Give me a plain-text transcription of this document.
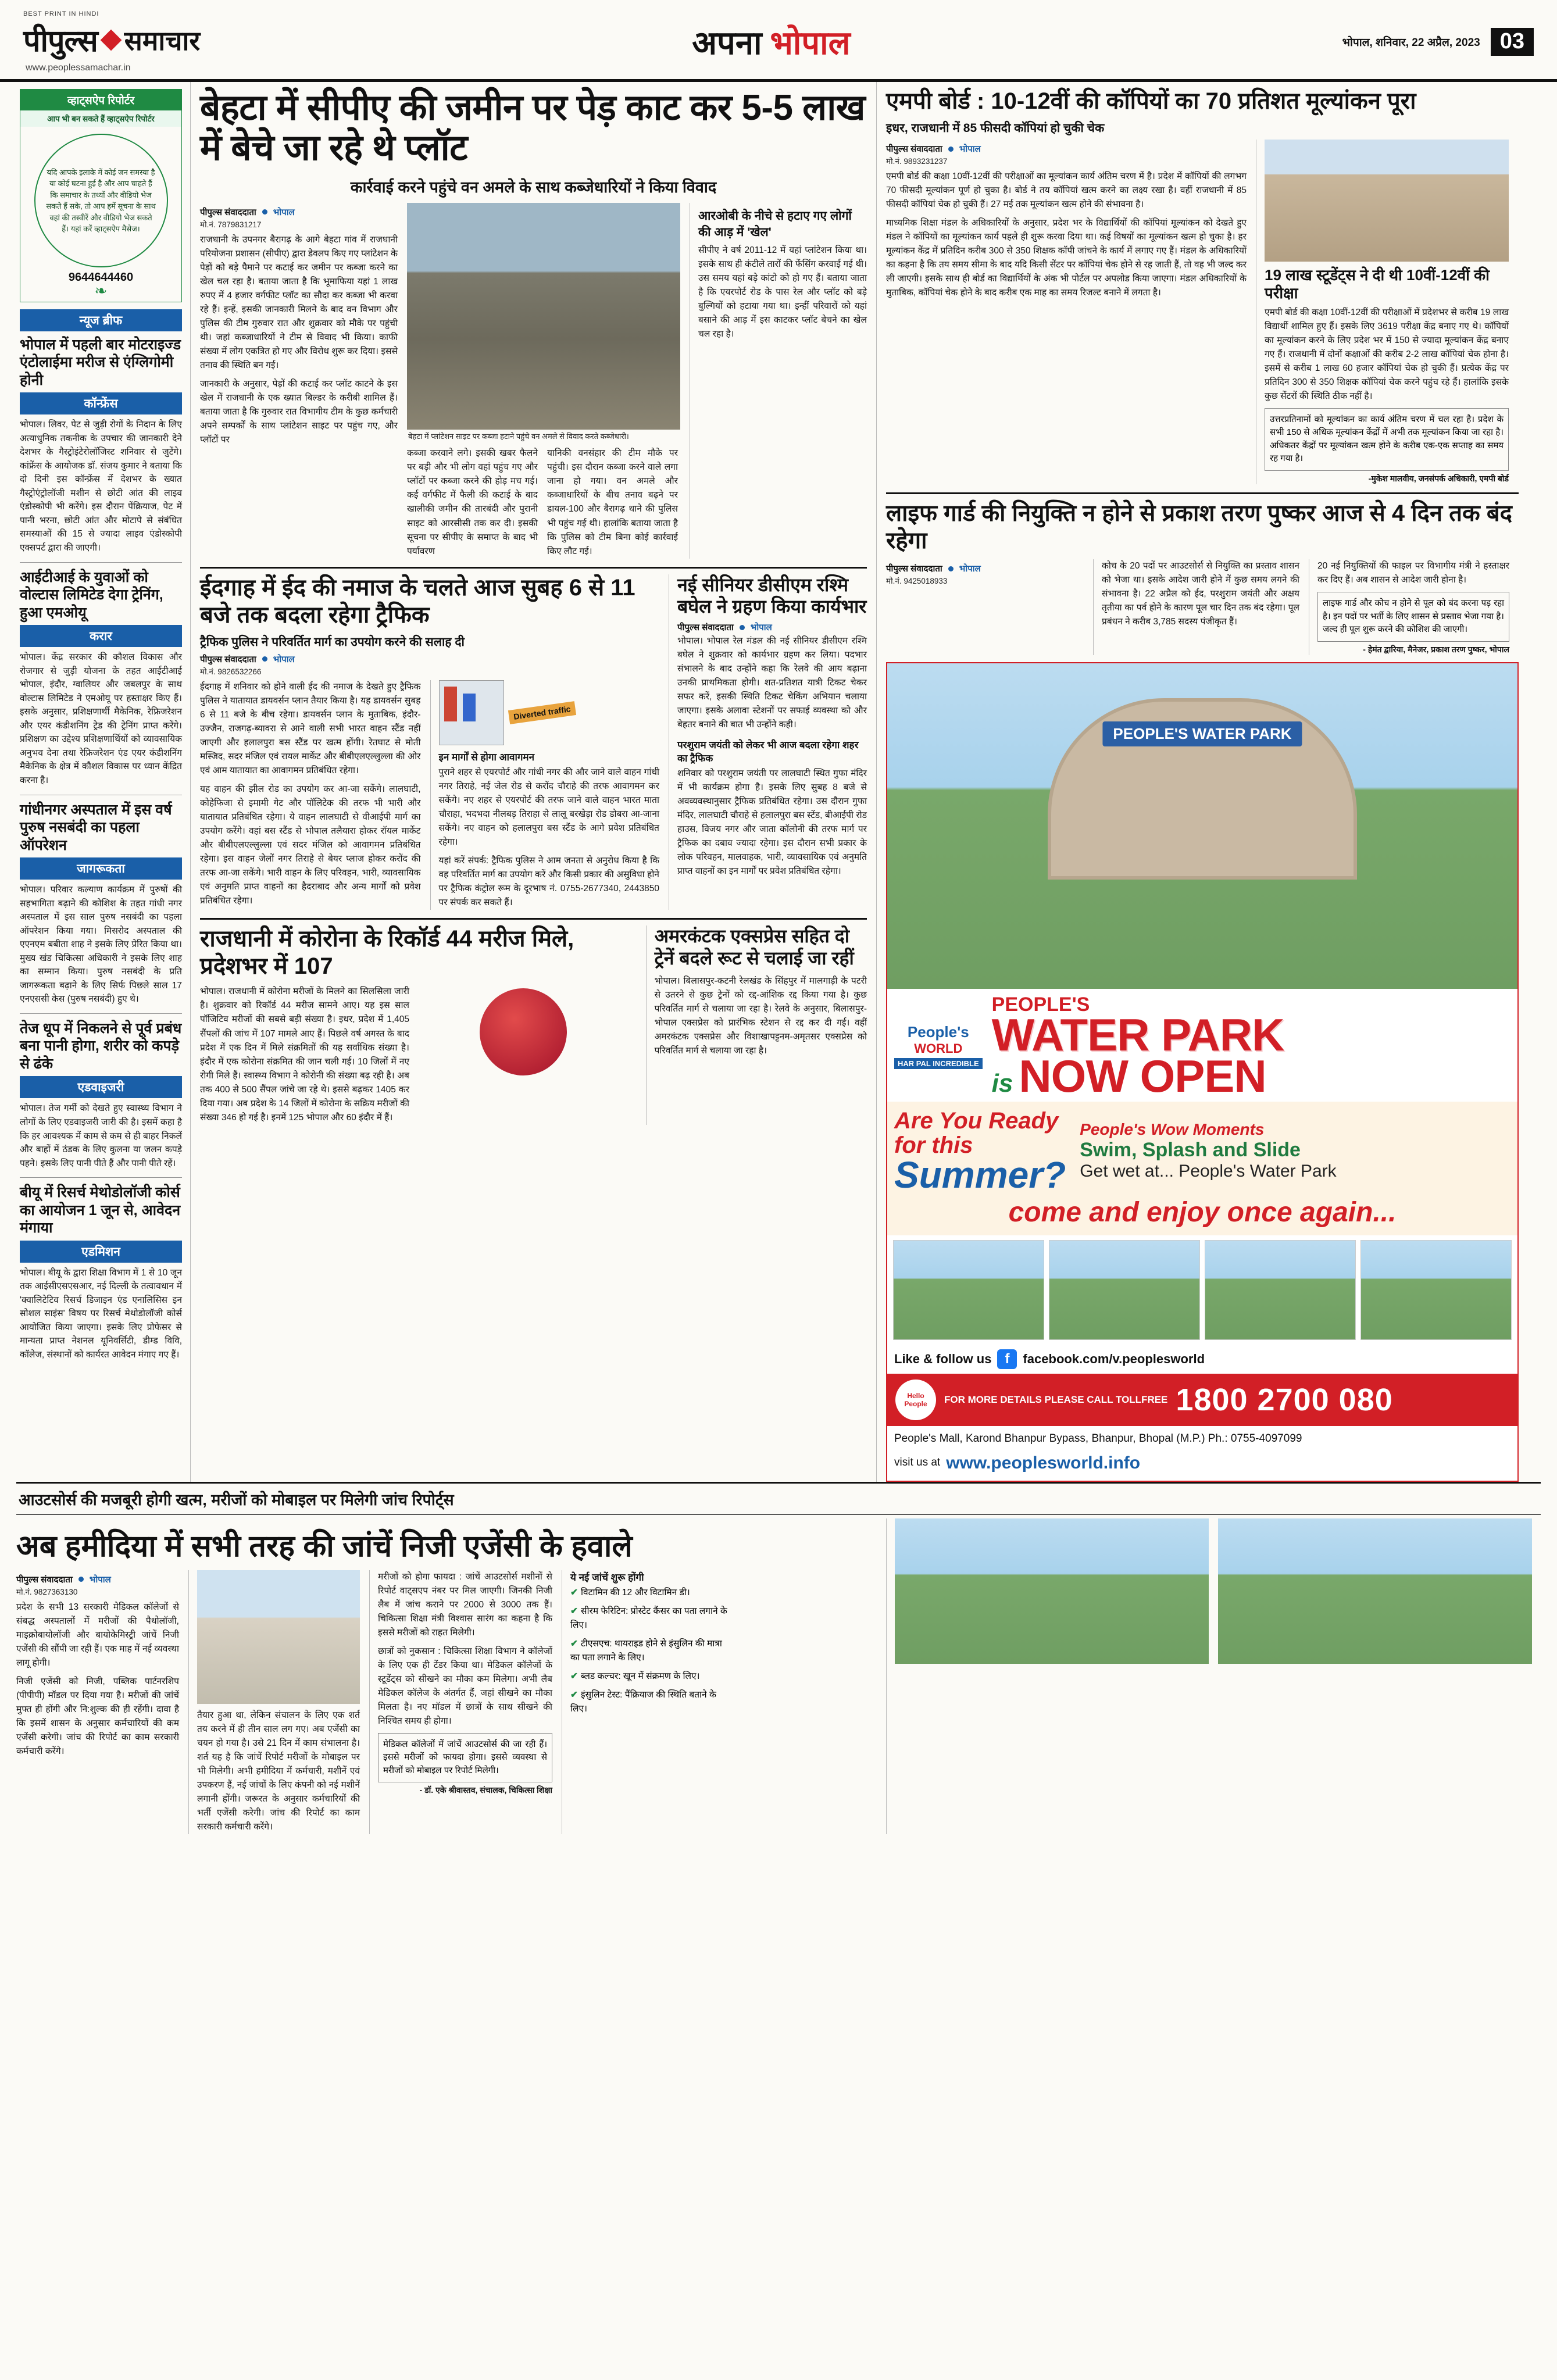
BEST PRINT IN HINDI
पीपुल्स समाचार
www.peoplessamachar.in
अपना भोपाल	भोपाल, शनिवार, 22 अप्रैल, 2023 03
व्हाट्सऐप रिपोर्टर
आप भी बन सकते हैं व्हाट्सऐप रिपोर्टर
यदि आपके इलाके में कोई जन समस्या है या कोई घटना हुई है और आप चाहते हैं कि समाचार के तथ्यों और वीडियो भेज सकते हैं सके, तो आप हमें सूचना के साथ वहां की तस्वीरें और वीडियो भेज सकते हैं। यहां करें व्हाट्सऐप मैसेज।
9644644460
❧
न्यूज ब्रीफ
भोपाल में पहली बार मोटराइज्ड एंटोलाईमा मरीज से एंग्लिगोमी होनी
कॉन्फ्रेंस
भोपाल। लिवर, पेट से जुड़ी रोगों के निदान के लिए अत्याधुनिक तकनीक के उपचार की जानकारी देने देशभर के गैस्ट्रोइंटेरोलॉजिस्ट शनिवार से जुटेंगे। कांफ्रेंस के आयोजक डॉ. संजय कुमार ने बताया कि दो दिनी इस कॉन्फ्रेंस में देशभर के ख्यात गैस्ट्रोएंट्रोलॉजी मशीन से छोटी आंत की लाइव एंडोस्कोपी भी करेंगे। इस दौरान पेंक्रियाज, पेट में पानी भरना, छोटी आंत और मोटापे से संबंधित समस्याओं की 15 से ज्यादा लाइव एंडोस्कोपी एक्सपर्ट द्वारा की जाएगी।
आईटीआई के युवाओं को वोल्टास लिमिटेड देगा ट्रेनिंग, हुआ एमओयू
करार
भोपाल। केंद्र सरकार की कौशल विकास और रोजगार से जुड़ी योजना के तहत आईटीआई भोपाल, इंदौर, ग्वालियर और जबलपुर के साथ वोल्टास लिमिटेड ने एमओयू पर हस्ताक्षर किए हैं। इसके अनुसार, प्रशिक्षणार्थी मैकेनिक, रेफ्रिजरेशन और एयर कंडीशनिंग ट्रेड की ट्रेनिंग प्राप्त करेंगे। प्रशिक्षण का उद्देश्य प्रशिक्षणार्थियों को व्यावसायिक अनुभव देना तथा रेफ्रिजरेशन एंड एयर कंडीशनिंग मैकेनिक के क्षेत्र में कौशल विकास पर ध्यान केंद्रित करना है।
गांधीनगर अस्पताल में इस वर्ष पुरुष नसबंदी का पहला ऑपरेशन
जागरूकता
भोपाल। परिवार कल्याण कार्यक्रम में पुरुषों की सहभागिता बढ़ाने की कोशिश के तहत गांधी नगर अस्पताल में इस साल पुरुष नसबंदी का पहला ऑपरेशन किया गया। मिसरोद अस्पताल की एएनएम बबीता शाह ने इसके लिए प्रेरित किया था। मुख्य खंड चिकित्सा अधिकारी ने इसके लिए शाह का सम्मान किया। पुरुष नसबंदी के प्रति जागरूकता बढ़ाने के लिए सिर्फ पिछले साल 17 एनएससी केस (पुरुष नसबंदी) हुए थे।
तेज धूप में निकलने से पूर्व प्रबंध बना पानी होगा, शरीर को कपड़े से ढंके
एडवाइजरी
भोपाल। तेज गर्मी को देखते हुए स्वास्थ्य विभाग ने लोगों के लिए एडवाइजरी जारी की है। इसमें कहा है कि हर आवश्यक में काम से कम से ही बाहर निकलें और बाहों में ठंडक के लिए कुलना या जलन कपड़े पहने। इसके लिए पानी पीते हैं और पानी पीते रहें।
बीयू में रिसर्च मेथोडोलॉजी कोर्स का आयोजन 1 जून से, आवेदन मंगाया
एडमिशन
भोपाल। बीयू के द्वारा शिक्षा विभाग में 1 से 10 जून तक आईसीएसएसआर, नई दिल्ली के तत्वावधान में 'क्वालिटेटिव रिसर्च डिजाइन एंड एनालिसिस इन सोशल साइंस' विषय पर रिसर्च मेथोडोलॉजी कोर्स आयोजित किया जाएगा। इसके लिए प्रोफेसर से मान्यता प्राप्त नेशनल यूनिवर्सिटी, डीम्ड विवि, कॉलेज, संस्थानों को कार्यरत आवेदन मंगाए गए हैं।
बेहटा में सीपीए की जमीन पर पेड़ काट कर 5-5 लाख में बेचे जा रहे थे प्लॉट
कार्रवाई करने पहुंचे वन अमले के साथ कब्जेधारियों ने किया विवाद
पीपुल्स संवाददाता भोपाल
मो.नं. 7879831217
राजधानी के उपनगर बैरागढ़ के आगे बेहटा गांव में राजधानी परियोजना प्रशासन (सीपीए) द्वारा डेवलप किए गए प्लांटेशन के पेड़ों को बड़े पैमाने पर कटाई कर जमीन पर कब्जा करने का खेल चल रहा है। बताया जाता है कि भूमाफिया यहां 1 लाख रुपए में 4 हजार वर्गफीट प्लॉट का सौदा कर कब्जा भी करवा रहे हैं। इन्हें, इसकी जानकारी मिलने के बाद वन विभाग और पुलिस की टीम गुरुवार रात और शुक्रवार को मौके पर पहुंची थी। जहां कब्जाधारियों ने टीम से विवाद भी किया। काफी संख्या में लोग एकत्रित हो गए और विरोध शुरू कर दिया। इससे तनाव की स्थिति बन गई।
जानकारी के अनुसार, पेड़ों की कटाई कर प्लॉट काटने के इस खेल में राजधानी के एक ख्यात बिल्डर के करीबी शामिल हैं। बताया जाता है कि गुरुवार रात विभागीय टीम के कुछ कर्मचारी अपने सम्पर्कों के साथ प्लांटेशन साइट पर पहुंच गए, और प्लॉटों पर	बेहटा में प्लांटेशन साइट पर कब्जा हटाने पहुंचे वन अमले से विवाद करते कब्जेधारी।
कब्जा करवाने लगे। इसकी खबर फैलने पर बड़ी और भी लोग वहां पहुंच गए और प्लॉटों पर कब्जा करने की होड़ मच गई। कई वर्गफीट में फैली की कटाई के बाद खालीकी जमीन की तारबंदी और पुरानी साइट को आरसीसी तक कर दी। इसकी सूचना पर सीपीए के समाप्त के बाद भी पर्यावरण
यानिकी वनसंहार की टीम मौके पर पहुंची। इस दौरान कब्जा करने वाले लगा जाना हो गया। वन अमले और कब्जाधारियों के बीच तनाव बढ़ने पर डायल-100 और बैरागढ़ थाने की पुलिस भी पहुंच गई थी। हालांकि बताया जाता है कि पुलिस को टीम बिना कोई कार्रवाई किए लौट गई।
आरओबी के नीचे से हटाए गए लोगों की आड़ में 'खेल'
सीपीए ने वर्ष 2011-12 में यहां प्लांटेशन किया था। इसके साथ ही कंटीले तारों की फेंसिंग करवाई गई थी। उस समय यहां बड़े कांटो को हो गए हैं। बताया जाता है कि एयरपोर्ट रोड के पास रेल और प्लॉट को बड़े बुल्गियों को हटाया गया था। इन्हीं परिवारों को यहां बसाने की आड़ में इस काटकर प्लॉट बेचने का खेल चल रहा है।
ईदगाह में ईद की नमाज के चलते आज सुबह 6 से 11 बजे तक बदला रहेगा ट्रैफिक
ट्रैफिक पुलिस ने परिवर्तित मार्ग का उपयोग करने की सलाह दी
पीपुल्स संवाददाता भोपाल
मो.नं. 9826532266
ईदगाह में शनिवार को होने वाली ईद की नमाज के देखते हुए ट्रैफिक पुलिस ने यातायात डायवर्सन प्लान तैयार किया है। यह डायवर्सन सुबह 6 से 11 बजे के बीच रहेगा। डायवर्सन प्लान के मुताबिक, इंदौर-उज्जैन, राजगढ़-ब्यावरा से आने वाली सभी भारत वाहन स्टैंड नहीं जाएगी और हलालपुरा बस स्टैंड पर खत्म होंगी। रेतघाट से मोती मस्जिद, सदर मंजिल एवं रायल मार्केट और बीबीएलएल्लुल्ला की ओर एवं आम यातायात का आवागमन प्रतिबंधित रहेगा।
यह वाहन की झील रोड का उपयोग कर आ-जा सकेंगे। लालघाटी, कोहेफिजा से इमामी गेट और पॉलिटेक की तरफ भी भारी और यातायात प्रतिबंधित रहेगा। ये वाहन लालघाटी से वीआईपी मार्ग का उपयोग करेंगे। वहां बस स्टैंड से भोपाल तलैयारा होकर रॉयल मार्केट और बीबीएलएल्लुल्ला एवं सदर मंजिल को आवागमन प्रतिबंधित रहेगा। इस वाहन जेलों नगर तिराहे से बेयर प्लाज होकर करोंद की तरफ आ-जा सकेंगे। भारी वाहन के लिए परिवहन, भारी, व्यावसायिक एवं अनुमति प्राप्त वाहनों का हैदराबाद और अन्य मार्गों को प्रवेश प्रतिबंधित रहेगा।
Diverted traffic
इन मार्गों से होगा आवागमन
पुराने शहर से एयरपोर्ट और गांधी नगर की और जाने वाले वाहन गांधी नगर तिराहे, नई जेल रोड से करोंद चौराहे की तरफ आवागमन कर सकेंगे। नए शहर से एयरपोर्ट की तरफ जाने वाले वाहन भारत माता चौराहा, भदभदा नीलबड़ तिराहा से लालू बरखेड़ा रोड डोबरा आ-जाना सकेंगे। नए वाहन को हलालपुरा बस स्टैंड के आगे प्रवेश प्रतिबंधित रहेगा।
यहां करें संपर्क: ट्रैफिक पुलिस ने आम जनता से अनुरोध किया है कि वह परिवर्तित मार्ग का उपयोग करें और किसी प्रकार की असुविधा होने पर ट्रैफिक कंट्रोल रूम के दूरभाष नं. 0755-2677340, 2443850 पर संपर्क कर सकते हैं।
नई सीनियर डीसीएम रश्मि बघेल ने ग्रहण किया कार्यभार
पीपुल्स संवाददाता भोपाल
भोपाल। भोपाल रेल मंडल की नई सीनियर डीसीएम रश्मि बघेल ने शुक्रवार को कार्यभार ग्रहण कर लिया। पदभार संभालने के बाद उन्होंने कहा कि रेलवे की आय बढ़ाना उनकी प्राथमिकता होगी। शत-प्रतिशत यात्री टिकट चेकर सफर करें, इसकी स्थिति टिकट चेकिंग अभियान चलाया जाएगा। इसके अलावा स्टेशनों पर सफाई व्यवस्था को और बेहतर बनाने की बात भी उन्होंने कही।
परशुराम जयंती को लेकर भी आज बदला रहेगा शहर का ट्रैफिक
शनिवार को परशुराम जयंती पर लालघाटी स्थित गुफा मंदिर में भी कार्यक्रम होगा है। इसके लिए सुबह 8 बजे से अवव्यवस्थानुसार ट्रैफिक प्रतिबंधित रहेगा। उस दौरान गुफा मंदिर, लालघाटी चौराहे से हलालपुरा बस स्टेंड, बीआईपी रोड हाउस, विजय नगर और जाता कॉलोनी की तरफ मार्ग पर ट्रैफिक का दबाव ज्यादा रहेगा। इस दौरान सभी प्रकार के लोक परिवहन, मालवाहक, भारी, व्यावसायिक एवं अनुमति प्राप्त वाहनों का इन मार्गों पर प्रवेश प्रतिबंधित रहेगा।
राजधानी में कोरोना के रिकॉर्ड 44 मरीज मिले, प्रदेशभर में 107
भोपाल। राजधानी में कोरोना मरीजों के मिलने का सिलसिला जारी है। शुक्रवार को रिकॉर्ड 44 मरीज सामने आए। यह इस साल पॉजिटिव मरीजों की सबसे बड़ी संख्या है। इधर, प्रदेश में 1,405 सैंपलों की जांच में 107 मामले आए हैं। पिछले वर्ष अगस्त के बाद प्रदेश में एक दिन में मिले संक्रमितों की यह सर्वाधिक संख्या है। इंदौर में एक कोरोना संक्रमित की जान चली गई। 10 जिलों में नए रोगी मिले हैं। स्वास्थ्य विभाग ने कोरोनी की संख्या बढ़ रही है। अब तक 400 से 500 सैंपल जांचे जा रहे थे। इससे बढ़कर 1405 कर दिया गया। अब प्रदेश के 14 जिलों में कोरोना के सक्रिय मरीजों की संख्या 346 हो गई है। इनमें 125 भोपाल और 60 इंदौर में हैं।
अमरकंटक एक्सप्रेस सहित दो ट्रेनें बदले रूट से चलाई जा रहीं
भोपाल। बिलासपुर-कटनी रेलखंड के सिंहपुर में मालगाड़ी के पटरी से उतरने से कुछ ट्रेनों को रद्द-आंशिक रद्द किया गया है। कुछ परिवर्तित मार्ग से चलाया जा रहा है। रेलवे के अनुसार, बिलासपुर-भोपाल एक्सप्रेस को प्रारंभिक स्टेशन से रद्द कर दी गई। वहीं अमरकंटक एक्सप्रेस और विशाखापट्टनम-अमृतसर एक्सप्रेस को परिवर्तित मार्ग से चलाया जा रहा है।
एमपी बोर्ड : 10-12वीं की कॉपियों का 70 प्रतिशत मूल्यांकन पूरा
इधर, राजधानी में 85 फीसदी कॉपियां हो चुकी चेक
पीपुल्स संवाददाता भोपाल
मो.नं. 9893231237
एमपी बोर्ड की कक्षा 10वीं-12वीं की परीक्षाओं का मूल्यांकन कार्य अंतिम चरण में है। प्रदेश में कॉपियों की लगभग 70 फीसदी मूल्यांकन पूर्ण हो चुका है। बोर्ड ने तय कॉपियां खत्म करने का लक्ष्य रखा है। वहीं राजधानी में 85 फीसदी कॉपियां चेक हो चुकी हैं। 27 मई तक मूल्यांकन खत्म होने की संभावना है।
माध्यमिक शिक्षा मंडल के अधिकारियों के अनुसार, प्रदेश भर के विद्यार्थियों की कॉपियां मूल्यांकन को देखते हुए मंडल ने कॉपियों का मूल्यांकन कार्य पहले ही शुरू करवा दिया था। कई विषयों का मूल्यांकन खत्म हो चुका है। हर मूल्यांकन केंद्र में प्रतिदिन करीब 300 से 350 शिक्षक कॉपी जांचने के कार्य में लगाए गए हैं। मंडल के अधिकारियों का कहना है कि तय समय सीमा के बाद यदि किसी सेंटर पर कॉपियां चेक होने से रह जाती हैं, तो वह भी जल्द कर ली जाएगी। इसके साथ ही बोर्ड का विद्यार्थियों के अंक भी पोर्टल पर अपलोड किया जाएगा। मंडल अधिकारियों के मुताबिक, कॉपियां चेक होने के बाद करीब एक माह का समय रिजल्ट बनाने में लगता है।
19 लाख स्टूडेंट्स ने दी थी 10वीं-12वीं की परीक्षा
एमपी बोर्ड की कक्षा 10वीं-12वीं की परीक्षाओं में प्रदेशभर से करीब 19 लाख विद्यार्थी शामिल हुए हैं। इसके लिए 3619 परीक्षा केंद्र बनाए गए थे। कॉपियों का मूल्यांकन करने के लिए प्रदेश भर में 150 से ज्यादा मूल्यांकन केंद्र बनाए गए हैं। राजधानी में दोनों कक्षाओं की करीब 2-2 लाख कॉपियां चेक होना है। इसमें से करीब 1 लाख 60 हजार कॉपियां चेक हो चुकी हैं। प्रत्येक केंद्र पर प्रतिदिन 300 से 350 शिक्षक कॉपियां चेक करने पहुंच रहे हैं। हालांकि इसके कुछ सेंटरों की स्थिति ठीक नहीं है।
उत्तरप्रतिनामों को मूल्यांकन का कार्य अंतिम चरण में चल रहा है। प्रदेश के सभी 150 से अधिक मूल्यांकन केंद्रों में अभी तक मूल्यांकन किया जा रहा है। अधिकतर केंद्रों पर मूल्यांकन खत्म होने के करीब एक-एक सप्ताह का समय रह गया है।
-मुकेश मालवीय, जनसंपर्क अधिकारी, एमपी बोर्ड
लाइफ गार्ड की नियुक्ति न होने से प्रकाश तरण पुष्कर आज से 4 दिन तक बंद रहेगा
पीपुल्स संवाददाता भोपाल
मो.नं. 9425018933
कोच के 20 पदों पर आउटसोर्स से नियुक्ति का प्रस्ताव शासन को भेजा था। इसके आदेश जारी होने में कुछ समय लगने की संभावना है। 22 अप्रैल को ईद, परशुराम जयंती और अक्षय तृतीया का पर्व होने के कारण पूल चार दिन तक बंद रहेगा। पूल प्रबंधन ने करीब 3,785 सदस्य पंजीकृत हैं।
20 नई नियुक्तियों की फाइल पर विभागीय मंत्री ने हस्ताक्षर कर दिए हैं। अब शासन से आदेश जारी होना है।
लाइफ गार्ड और कोच न होने से पूल को बंद करना पड़ रहा है। इन पदों पर भर्ती के लिए शासन से प्रस्ताव भेजा गया है। जल्द ही पूल शुरू करने की कोशिश की जाएगी।
- हेमंत द्वारिया, मैनेजर, प्रकाश तरण पुष्कर, भोपाल
PEOPLE'S WATER PARK
People's
WORLD
HAR PAL INCREDIBLE
PEOPLE'S
WATER PARK
is NOW OPEN
Are You Ready
for this
Summer?
People's Wow Moments
Swim, Splash and Slide
Get wet at... People's Water Park
come and enjoy once again...
Like & follow us f	facebook.com/v.peoplesworld
Hello People	FOR MORE DETAILS PLEASE CALL TOLLFREE 1800 2700 080
People's Mall, Karond Bhanpur Bypass, Bhanpur, Bhopal (M.P.) Ph.: 0755-4097099
visit us at www.peoplesworld.info
आउटसोर्स की मजबूरी होगी खत्म, मरीजों को मोबाइल पर मिलेगी जांच रिपोर्ट्स
अब हमीदिया में सभी तरह की जांचें निजी एजेंसी के हवाले
पीपुल्स संवाददाता भोपाल
मो.नं. 9827363130
प्रदेश के सभी 13 सरकारी मेडिकल कॉलेजों से संबद्ध अस्पतालों में मरीजों की पैथोलॉजी, माइक्रोबायोलॉजी और बायोकेमिस्ट्री जांचें निजी एजेंसी की सौंपी जा रही हैं। एक माह में नई व्यवस्था लागू होगी।
निजी एजेंसी को निजी, पब्लिक पार्टनरशिप (पीपीपी) मॉडल पर दिया गया है। मरीजों की जांचें मुफ्त ही होंगी और नि:शुल्क की ही रहेंगी। दावा है कि इसमें शासन के अनुसार कर्मचारियों की कम एजेंसी करेगी। जांच की रिपोर्ट का काम सरकारी कर्मचारी करेंगे।
तैयार हुआ था, लेकिन संचालन के लिए एक शर्त तय करने में ही तीन साल लग गए। अब एजेंसी का चयन हो गया है। उसे 21 दिन में काम संभालना है। शर्त यह है कि जांचें रिपोर्ट मरीजों के मोबाइल पर भी मिलेगी। अभी हमीदिया में कर्मचारी, मशीनें एवं उपकरण हैं, नई जांचों के लिए कंपनी को नई मशीनें लगानी होंगी। जरूरत के अनुसार कर्मचारियों की भर्ती एजेंसी करेगी। जांच की रिपोर्ट का काम सरकारी कर्मचारी करेंगे।
मरीजों को होगा फायदा : जांचें आउटसोर्स मशीनों से रिपोर्ट वाट्सएप नंबर पर मिल जाएगी। जिनकी निजी लैब में जांच कराने पर 2000 से 3000 तक हैं। चिकित्सा शिक्षा मंत्री विश्वास सारंग का कहना है कि इससे मरीजों को राहत मिलेगी।
छात्रों को नुकसान : चिकित्सा शिक्षा विभाग ने कॉलेजों के लिए एक ही टेंडर किया था। मेडिकल कॉलेजों के स्टूडेंट्स को सीखने का मौका कम मिलेगा। अभी लैब मेडिकल कॉलेज के अंतर्गत हैं, जहां सीखने का मौका मिलता है। नए मॉडल में छात्रों के साथ सीखने की निश्चित समय ही होगा।
मेडिकल कॉलेजों में जांचें आउटसोर्स की जा रही हैं। इससे मरीजों को फायदा होगा। इससे व्यवस्था से मरीजों को मोबाइल पर रिपोर्ट मिलेगी।
- डॉ. एके श्रीवास्तव, संचालक, चिकित्सा शिक्षा
ये नई जांचें शुरू होंगी
✔ विटामिन की 12 और विटामिन डी।
✔ सीरम फेरिटिन: प्रोस्टेट कैंसर का पता लगाने के लिए।
✔ टीएसएच: थायराइड होने से इंसुलिन की मात्रा का पता लगाने के लिए।
✔ ब्लड कल्चर: खून में संक्रमण के लिए।
✔ इंसुलिन टेस्ट: पैंक्रियाज की स्थिति बताने के लिए।
